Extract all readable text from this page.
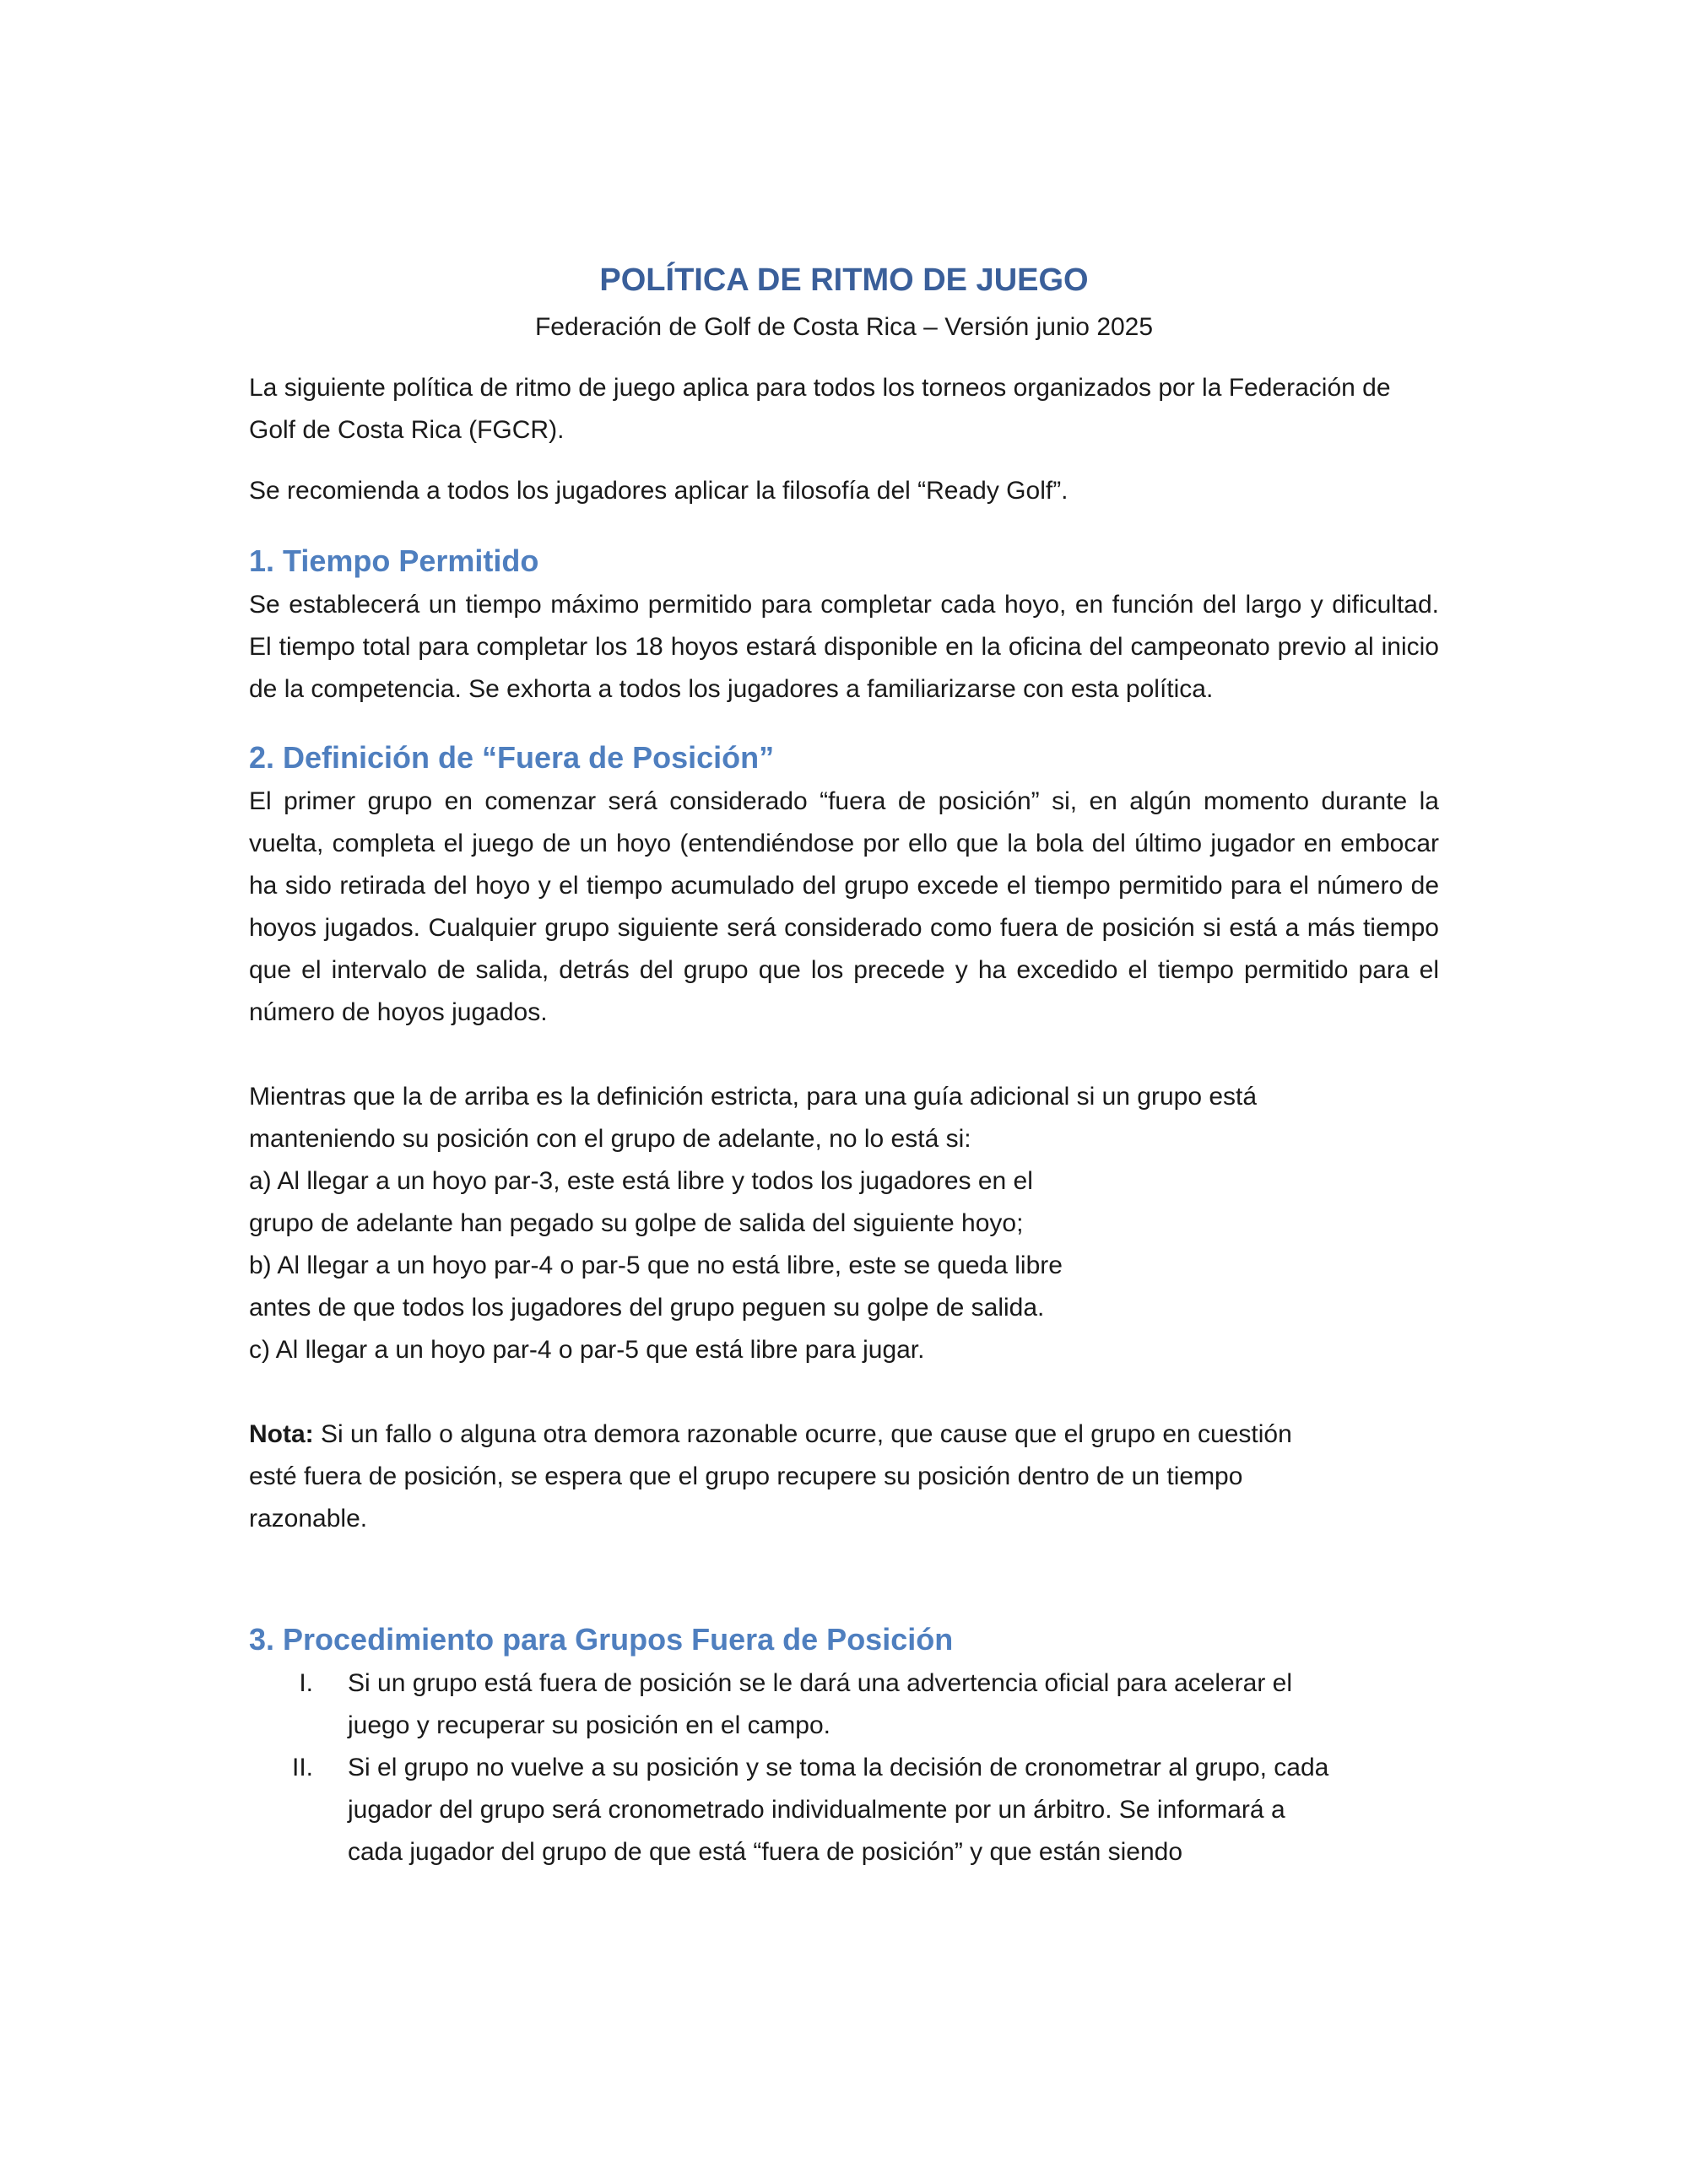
POLÍTICA DE RITMO DE JUEGO
Federación de Golf de Costa Rica – Versión junio 2025

La siguiente política de ritmo de juego aplica para todos los torneos organizados por la Federación de Golf de Costa Rica (FGCR).

Se recomienda a todos los jugadores aplicar la filosofía del “Ready Golf”.

1. Tiempo Permitido

Se establecerá un tiempo máximo permitido para completar cada hoyo, en función del largo y dificultad. El tiempo total para completar los 18 hoyos estará disponible en la oficina del campeonato previo al inicio de la competencia. Se exhorta a todos los jugadores a familiarizarse con esta política.

2. Definición de “Fuera de Posición”

El primer grupo en comenzar será considerado “fuera de posición” si, en algún momento durante la vuelta, completa el juego de un hoyo (entendiéndose por ello que la bola del último jugador en embocar ha sido retirada del hoyo y el tiempo acumulado del grupo excede el tiempo permitido para el número de hoyos jugados. Cualquier grupo siguiente será considerado como fuera de posición si está a más tiempo que el intervalo de salida, detrás del grupo que los precede y ha excedido el tiempo permitido para el número de hoyos jugados.

Mientras que la de arriba es la definición estricta, para una guía adicional si un grupo está

manteniendo su posición con el grupo de adelante, no lo está si:

a) Al llegar a un hoyo par-3, este está libre y todos los jugadores en el

grupo de adelante han pegado su golpe de salida del siguiente hoyo;

b) Al llegar a un hoyo par-4 o par-5 que no está libre, este se queda libre

antes de que todos los jugadores del grupo peguen su golpe de salida.

c) Al llegar a un hoyo par-4 o par-5 que está libre para jugar.

Nota: Si un fallo o alguna otra demora razonable ocurre, que cause que el grupo en cuestión

esté fuera de posición, se espera que el grupo recupere su posición dentro de un tiempo

razonable.

3. Procedimiento para Grupos Fuera de Posición
I. Si un grupo está fuera de posición se le dará una advertencia oficial para acelerar el
juego y recuperar su posición en el campo.
II. Si el grupo no vuelve a su posición y se toma la decisión de cronometrar al grupo, cada
jugador del grupo será cronometrado individualmente por un árbitro. Se informará a
cada jugador del grupo de que está “fuera de posición” y que están siendo
